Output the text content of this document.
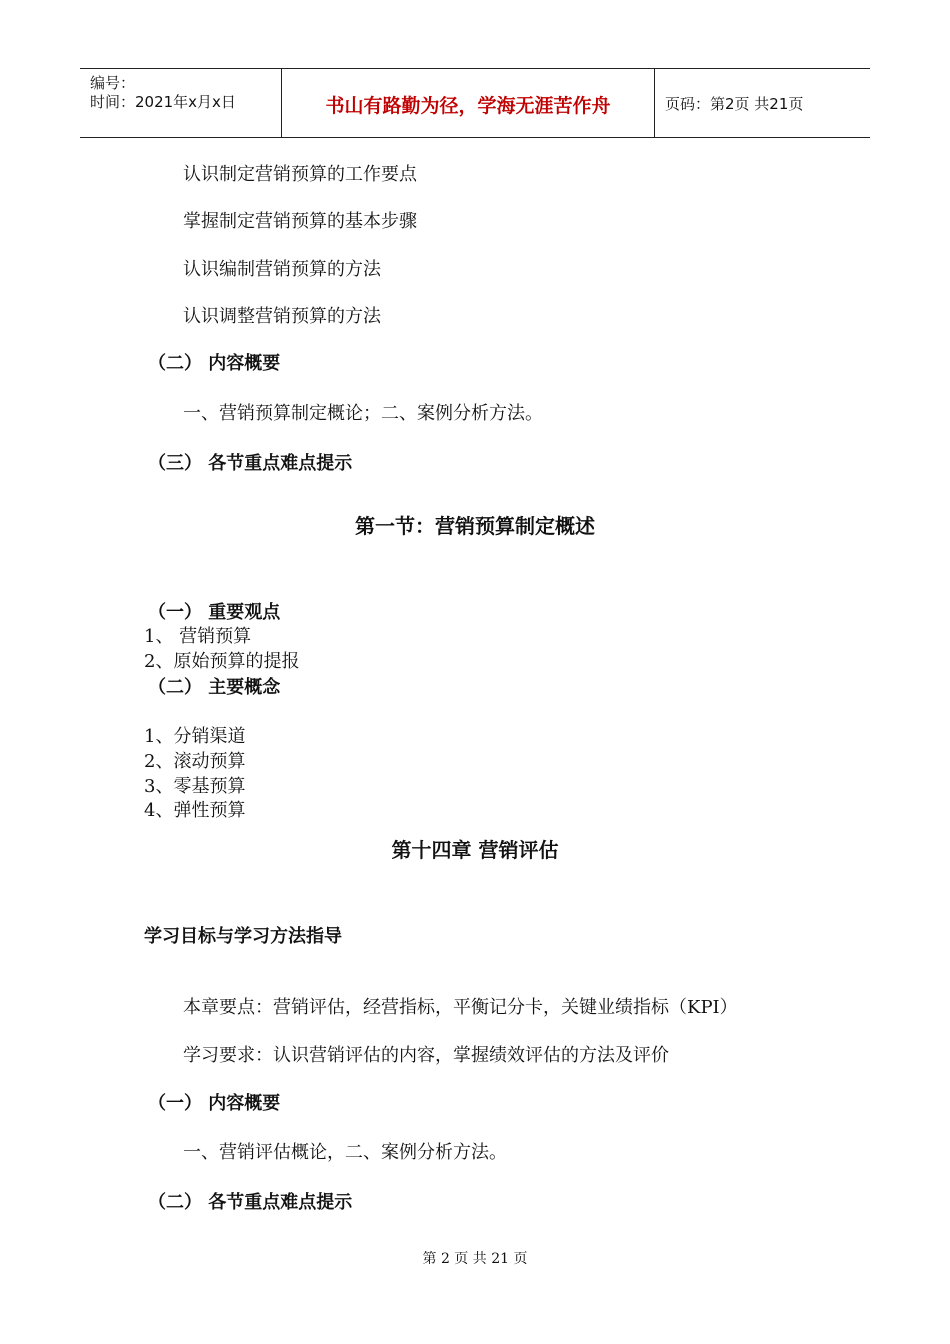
编号：
时间：2021年x月x日	书山有路勤为径，学海无涯苦作舟	页码：第2页 共21页
认识制定营销预算的工作要点
掌握制定营销预算的基本步骤
认识编制营销预算的方法
认识调整营销预算的方法
（二） 内容概要
一、营销预算制定概论；二、案例分析方法。
（三） 各节重点难点提示
第一节：营销预算制定概述
（一） 重要观点
1、 营销预算
2、原始预算的提报
（二） 主要概念
1、分销渠道
2、滚动预算
3、零基预算
4、弹性预算
第十四章 营销评估
学习目标与学习方法指导
本章要点：营销评估，经营指标，平衡记分卡，关键业绩指标（KPI）
学习要求：认识营销评估的内容，掌握绩效评估的方法及评价
（一） 内容概要
一、营销评估概论，二、案例分析方法。
（二） 各节重点难点提示
第 2 页 共 21 页
